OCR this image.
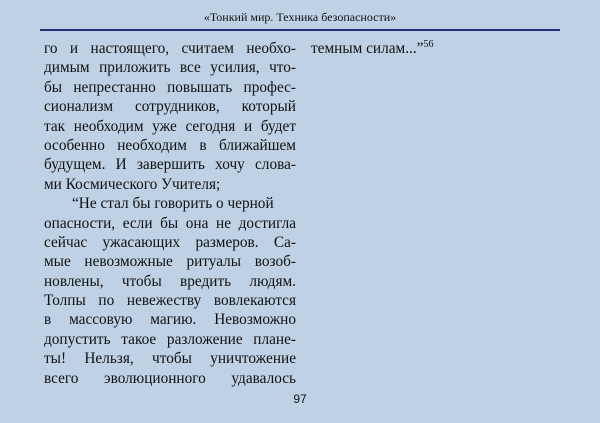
«Тонкий мир. Техника безопасности»
го и настоящего, считаем необхо-
димым приложить все усилия, что-
бы непрестанно повышать профес-
сионализм сотрудников, который
так необходим уже сегодня и будет
особенно необходим в ближайшем
будущем. И завершить хочу слова-
ми Космического Учителя;
“Не стал бы говорить о черной
опасности, если бы она не достигла
сейчас ужасающих размеров. Са-
мые невозможные ритуалы возоб-
новлены, чтобы вредить людям.
Толпы по невежеству вовлекаются
в массовую магию. Невозможно
допустить такое разложение плане-
ты! Нельзя, чтобы уничтожение
всего эволюционного удавалось
темным силам...”$^{56}$
97
